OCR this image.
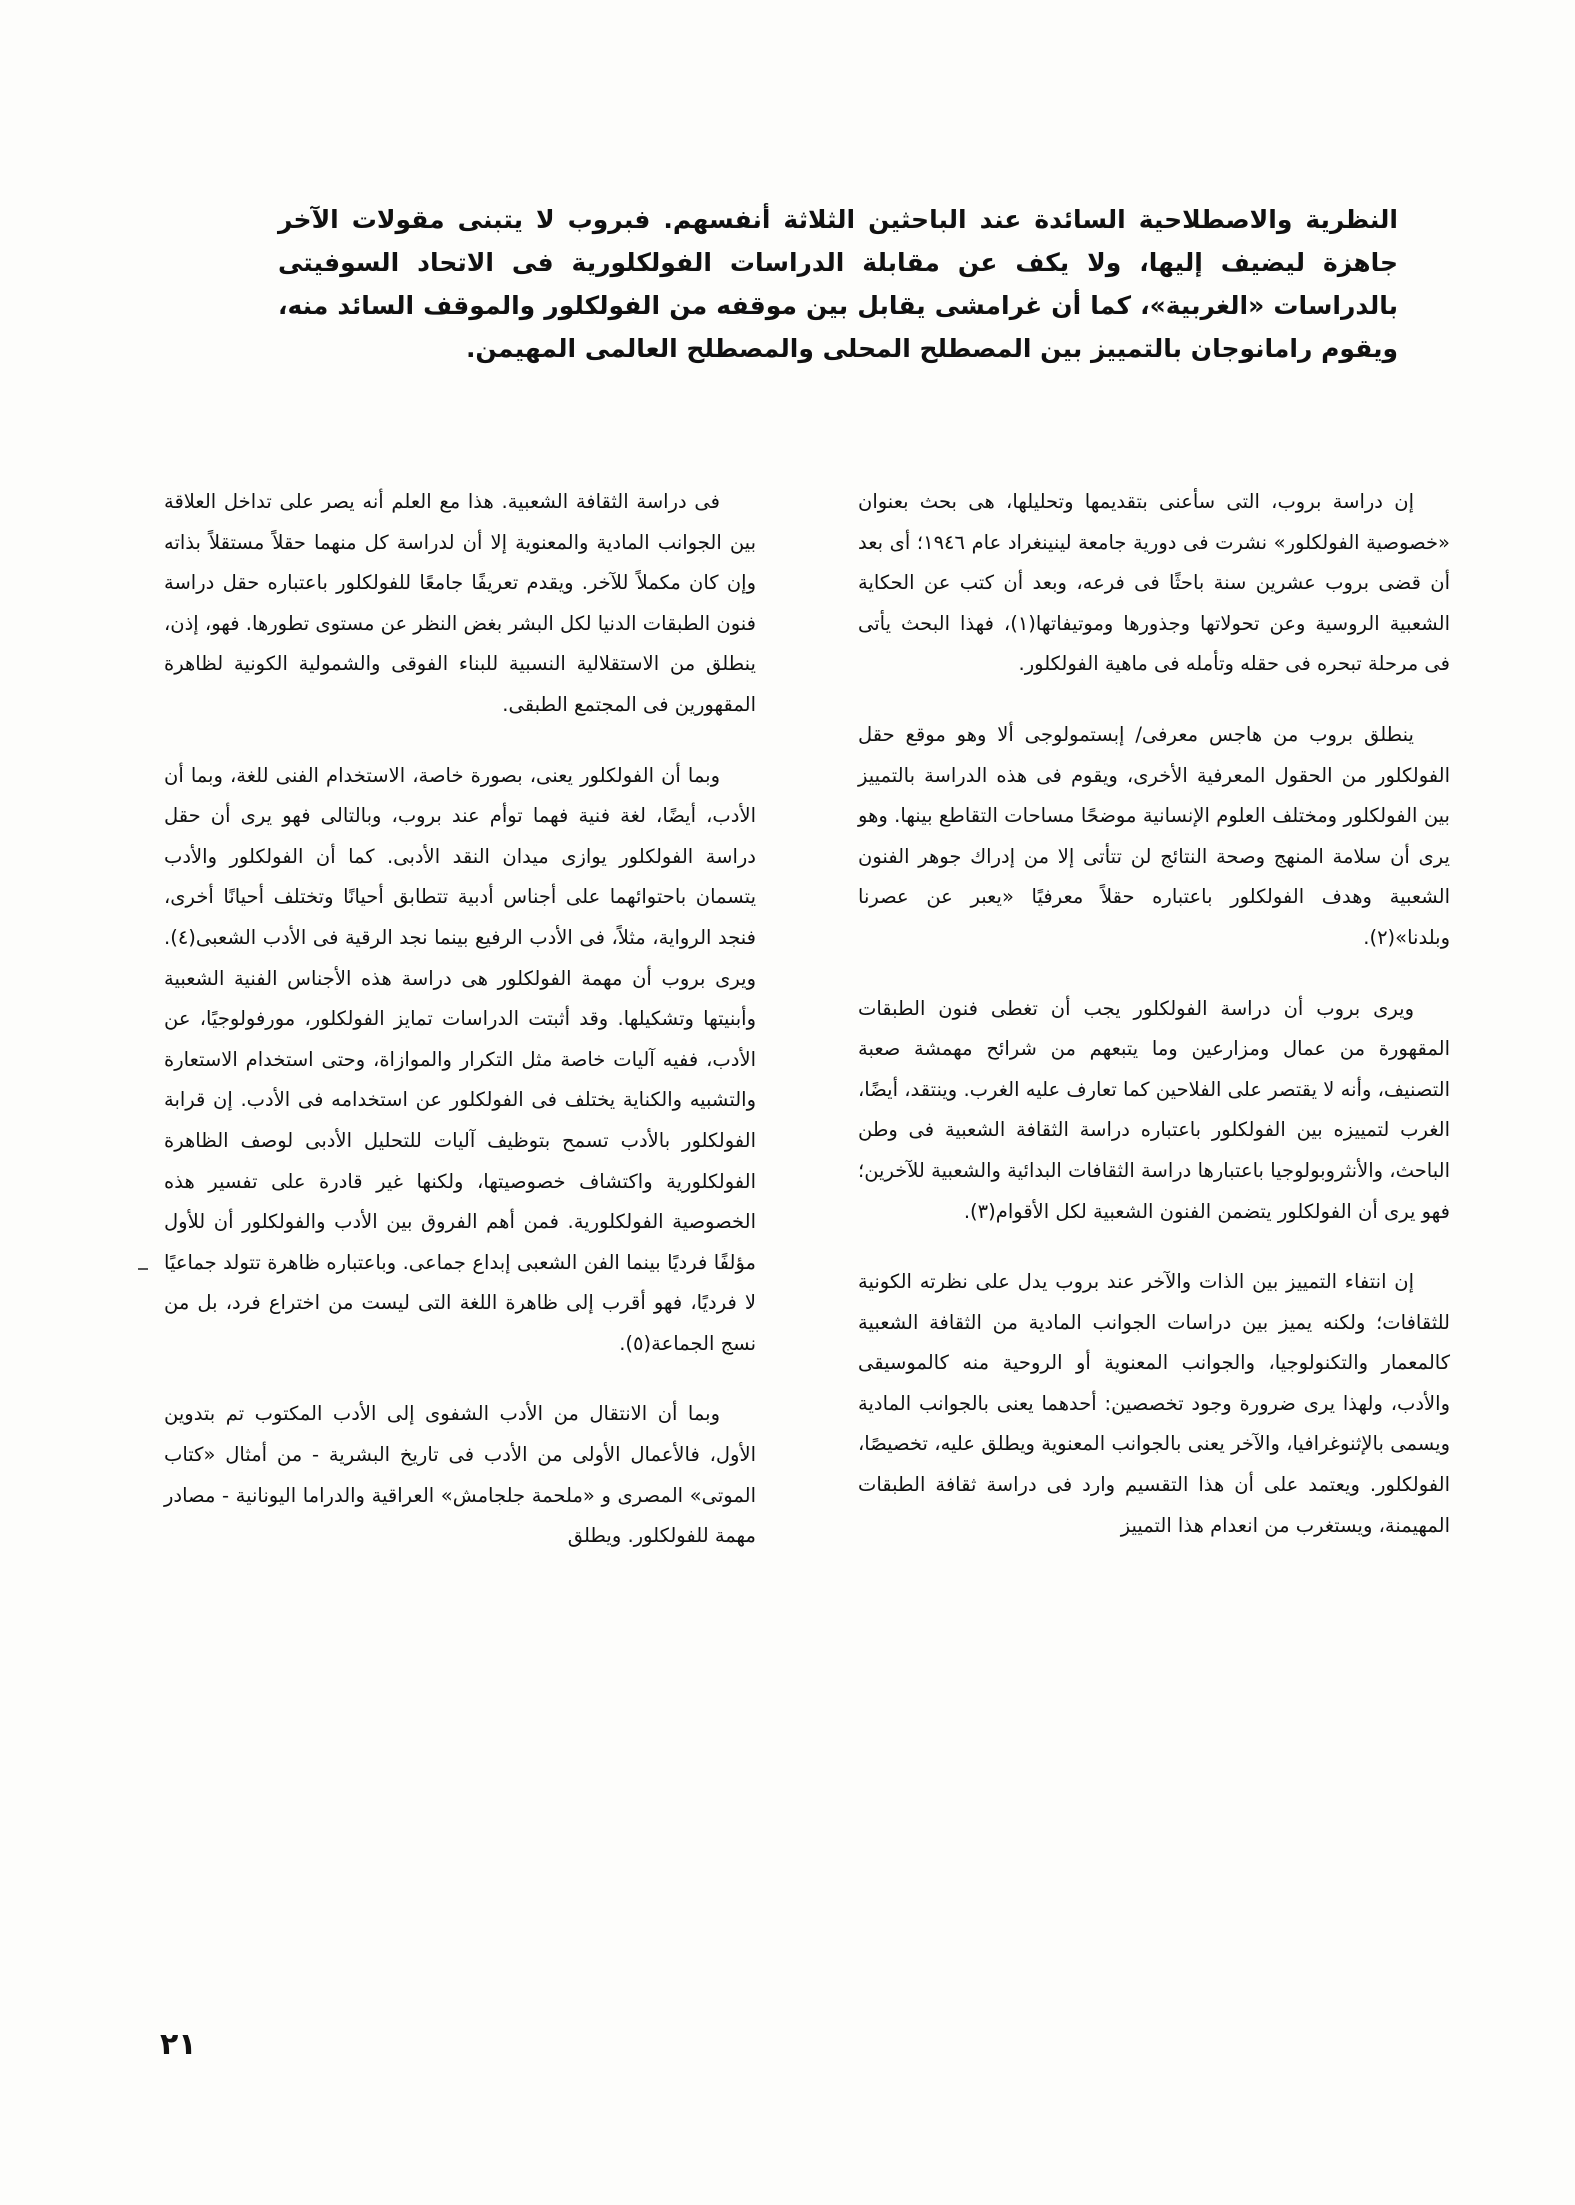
النظرية والاصطلاحية السائدة عند الباحثين الثلاثة أنفسهم. فبروب لا يتبنى مقولات الآخر جاهزة ليضيف إليها، ولا يكف عن مقابلة الدراسات الفولكلورية فى الاتحاد السوفيتى بالدراسات «الغربية»، كما أن غرامشى يقابل بين موقفه من الفولكلور والموقف السائد منه، ويقوم رامانوجان بالتمييز بين المصطلح المحلى والمصطلح العالمى المهيمن.

إن دراسة بروب، التى سأعنى بتقديمها وتحليلها، هى بحث بعنوان «خصوصية الفولكلور» نشرت فى دورية جامعة لينينغراد عام ١٩٤٦؛ أى بعد أن قضى بروب عشرين سنة باحثًا فى فرعه، وبعد أن كتب عن الحكاية الشعبية الروسية وعن تحولاتها وجذورها وموتيفاتها(١)، فهذا البحث يأتى فى مرحلة تبحره فى حقله وتأمله فى ماهية الفولكلور.

ينطلق بروب من هاجس معرفى/ إبستمولوجى ألا وهو موقع حقل الفولكلور من الحقول المعرفية الأخرى، ويقوم فى هذه الدراسة بالتمييز بين الفولكلور ومختلف العلوم الإنسانية موضحًا مساحات التقاطع بينها. وهو يرى أن سلامة المنهج وصحة النتائج لن تتأتى إلا من إدراك جوهر الفنون الشعبية وهدف الفولكلور باعتباره حقلاً معرفيًا «يعبر عن عصرنا وبلدنا»(٢).

ويرى بروب أن دراسة الفولكلور يجب أن تغطى فنون الطبقات المقهورة من عمال ومزارعين وما يتبعهم من شرائح مهمشة صعبة التصنيف، وأنه لا يقتصر على الفلاحين كما تعارف عليه الغرب. وينتقد، أيضًا، الغرب لتمييزه بين الفولكلور باعتباره دراسة الثقافة الشعبية فى وطن الباحث، والأنثروبولوجيا باعتبارها دراسة الثقافات البدائية والشعبية للآخرين؛ فهو يرى أن الفولكلور يتضمن الفنون الشعبية لكل الأقوام(٣).

إن انتفاء التمييز بين الذات والآخر عند بروب يدل على نظرته الكونية للثقافات؛ ولكنه يميز بين دراسات الجوانب المادية من الثقافة الشعبية كالمعمار والتكنولوجيا، والجوانب المعنوية أو الروحية منه كالموسيقى والأدب، ولهذا يرى ضرورة وجود تخصصين: أحدهما يعنى بالجوانب المادية ويسمى بالإثنوغرافيا، والآخر يعنى بالجوانب المعنوية ويطلق عليه، تخصيصًا، الفولكلور. ويعتمد على أن هذا التقسيم وارد فى دراسة ثقافة الطبقات المهيمنة، ويستغرب من انعدام هذا التمييز

فى دراسة الثقافة الشعبية. هذا مع العلم أنه يصر على تداخل العلاقة بين الجوانب المادية والمعنوية إلا أن لدراسة كل منهما حقلاً مستقلاً بذاته وإن كان مكملاً للآخر. ويقدم تعريفًا جامعًا للفولكلور باعتباره حقل دراسة فنون الطبقات الدنيا لكل البشر بغض النظر عن مستوى تطورها. فهو، إذن، ينطلق من الاستقلالية النسبية للبناء الفوقى والشمولية الكونية لظاهرة المقهورين فى المجتمع الطبقى.

وبما أن الفولكلور يعنى، بصورة خاصة، الاستخدام الفنى للغة، وبما أن الأدب، أيضًا، لغة فنية فهما توأم عند بروب، وبالتالى فهو يرى أن حقل دراسة الفولكلور يوازى ميدان النقد الأدبى. كما أن الفولكلور والأدب يتسمان باحتوائهما على أجناس أدبية تتطابق أحيانًا وتختلف أحيانًا أخرى، فنجد الرواية، مثلاً، فى الأدب الرفيع بينما نجد الرقية فى الأدب الشعبى(٤). ويرى بروب أن مهمة الفولكلور هى دراسة هذه الأجناس الفنية الشعبية وأبنيتها وتشكيلها. وقد أثبتت الدراسات تمايز الفولكلور، مورفولوجيًا، عن الأدب، ففيه آليات خاصة مثل التكرار والموازاة، وحتى استخدام الاستعارة والتشبيه والكناية يختلف فى الفولكلور عن استخدامه فى الأدب. إن قرابة الفولكلور بالأدب تسمح بتوظيف آليات للتحليل الأدبى لوصف الظاهرة الفولكلورية واكتشاف خصوصيتها، ولكنها غير قادرة على تفسير هذه الخصوصية الفولكلورية. فمن أهم الفروق بين الأدب والفولكلور أن للأول مؤلفًا فرديًا بينما الفن الشعبى إبداع جماعى. وباعتباره ظاهرة تتولد جماعيًا لا فرديًا، فهو أقرب إلى ظاهرة اللغة التى ليست من اختراع فرد، بل من نسج الجماعة(٥).

وبما أن الانتقال من الأدب الشفوى إلى الأدب المكتوب تم بتدوين الأول، فالأعمال الأولى من الأدب فى تاريخ البشرية - من أمثال «كتاب الموتى» المصرى و «ملحمة جلجامش» العراقية والدراما اليونانية - مصادر مهمة للفولكلور. ويطلق

٢١
